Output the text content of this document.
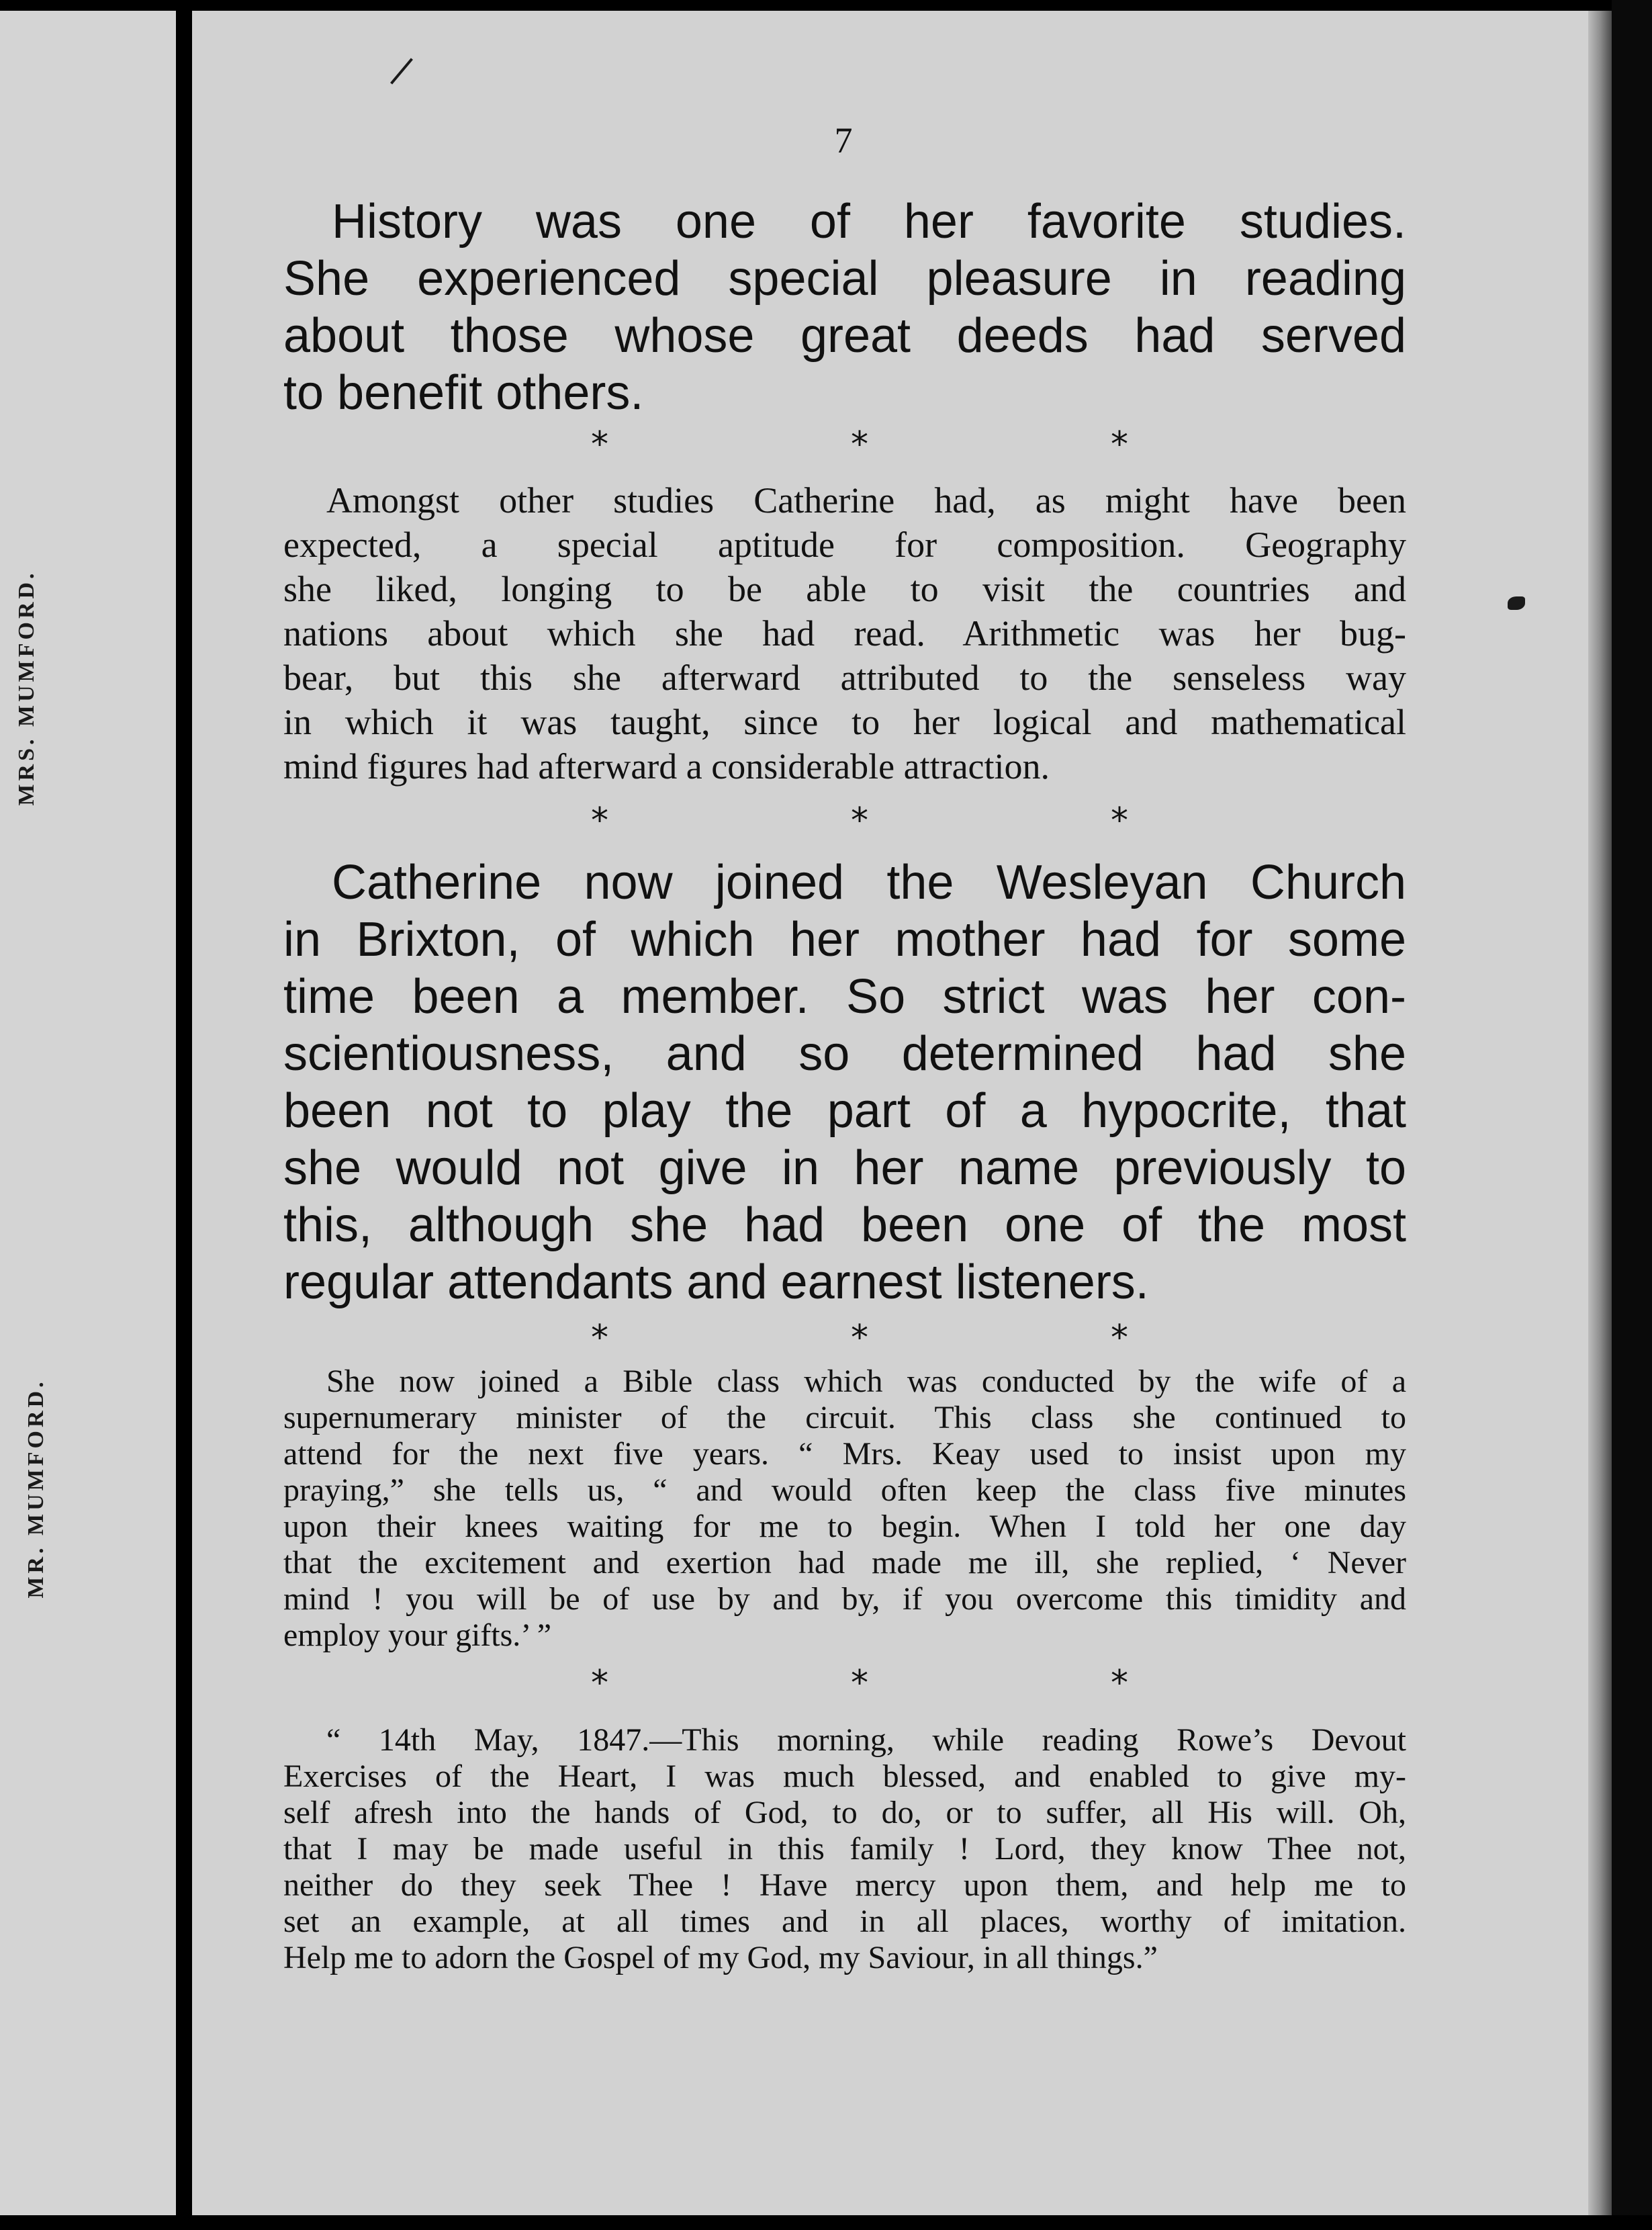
MRS. MUMFORD.
MR. MUMFORD.
7
History was one of her favorite studies.
She experienced special pleasure in reading
about those whose great deeds had served
to benefit others.
*	*	*
Amongst other studies Catherine had, as might have been
expected, a special aptitude for composition. Geography
she liked, longing to be able to visit the countries and
nations about which she had read. Arithmetic was her bug-
bear, but this she afterward attributed to the senseless way
in which it was taught, since to her logical and mathematical
mind figures had afterward a considerable attraction.
*	*	*
Catherine now joined the Wesleyan Church
in Brixton, of which her mother had for some
time been a member. So strict was her con-
scientiousness, and so determined had she
been not to play the part of a hypocrite, that
she would not give in her name previously to
this, although she had been one of the most
regular attendants and earnest listeners.
*	*	*
She now joined a Bible class which was conducted by the wife of a
supernumerary minister of the circuit. This class she continued to
attend for the next five years. “ Mrs. Keay used to insist upon my
praying,” she tells us, “ and would often keep the class five minutes
upon their knees waiting for me to begin. When I told her one day
that the excitement and exertion had made me ill, she replied, ‘ Never
mind ! you will be of use by and by, if you overcome this timidity and
employ your gifts.’ ”
*	*	*
“ 14th May, 1847.—This morning, while reading Rowe’s Devout
Exercises of the Heart, I was much blessed, and enabled to give my-
self afresh into the hands of God, to do, or to suffer, all His will. Oh,
that I may be made useful in this family ! Lord, they know Thee not,
neither do they seek Thee ! Have mercy upon them, and help me to
set an example, at all times and in all places, worthy of imitation.
Help me to adorn the Gospel of my God, my Saviour, in all things.”
